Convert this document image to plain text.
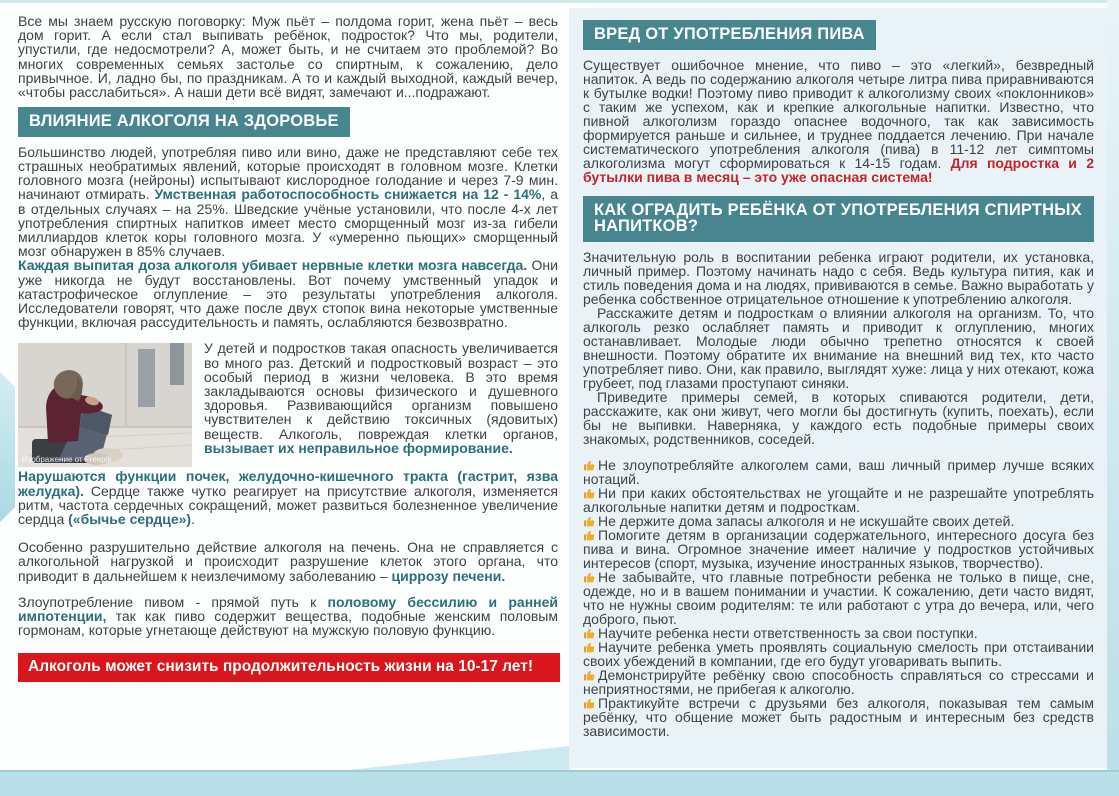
Все мы знаем русскую поговорку: Муж пьёт – полдома горит, жена пьёт – весь дом горит. А если стал выпивать ребёнок, подросток? Что мы, родители, упустили, где недосмотрели? А, может быть, и не считаем это проблемой? Во многих современных семьях застолье со спиртным, к сожалению, дело привычное. И, ладно бы, по праздникам. А то и каждый выходной, каждый вечер, «чтобы расслабиться». А наши дети всё видят, замечают и...подражают.

ВЛИЯНИЕ АЛКОГОЛЯ НА ЗДОРОВЬЕ

Большинство людей, употребляя пиво или вино, даже не представляют себе тех страшных необратимых явлений, которые происходят в головном мозге. Клетки головного мозга (нейроны) испытывают кислородное голодание и через 7-9 мин. начинают отмирать. Умственная работоспособность снижается на 12 - 14%, а в отдельных случаях – на 25%. Шведские учёные установили, что после 4-х лет употребления спиртных напитков имеет место сморщенный мозг из-за гибели миллиардов клеток коры головного мозга. У «умеренно пьющих» сморщенный мозг обнаружен в 85% случаев.

Каждая выпитая доза алкоголя убивает нервные клетки мозга навсегда. Они уже никогда не будут восстановлены. Вот почему умственный упадок и катастрофическое оглупление – это результаты употребления алкоголя. Исследователи говорят, что даже после двух стопок вина некоторые умственные функции, включая рассудительность и память, ослабляются безвозвратно.

Изображение от Freepik

У детей и подростков такая опасность увеличивается во много раз. Детский и подростковый возраст – это особый период в жизни человека. В это время закладываются основы физического и душевного здоровья. Развивающийся организм повышено чувствителен к действию токсичных (ядовитых) веществ. Алкоголь, повреждая клетки органов, вызывает их неправильное формирование.

Нарушаются функции почек, желудочно-кишечного тракта (гастрит, язва желудка). Сердце также чутко реагирует на присутствие алкоголя, изменяется ритм, частота сердечных сокращений, может развиться болезненное увеличение сердца («бычье сердце»).

Особенно разрушительно действие алкоголя на печень. Она не справляется с алкогольной нагрузкой и происходит разрушение клеток этого органа, что приводит в дальнейшем к неизлечимому заболеванию – циррозу печени.

Злоупотребление пивом - прямой путь к половому бессилию и ранней импотенции, так как пиво содержит вещества, подобные женским половым гормонам, которые угнетающе действуют на мужскую половую функцию.

Алкоголь может снизить продолжительность жизни на 10-17 лет!
ВРЕД ОТ УПОТРЕБЛЕНИЯ ПИВА

Существует ошибочное мнение, что пиво – это «легкий», безвредный напиток. А ведь по содержанию алкоголя четыре литра пива приравниваются к бутылке водки! Поэтому пиво приводит к алкоголизму своих «поклонников» с таким же успехом, как и крепкие алкогольные напитки. Известно, что пивной алкоголизм гораздо опаснее водочного, так как зависимость формируется раньше и сильнее, и труднее поддается лечению. При начале систематического употребления алкоголя (пива) в 11-12 лет симптомы алкоголизма могут сформироваться к 14-15 годам. Для подростка и 2 бутылки пива в месяц – это уже опасная система!

КАК ОГРАДИТЬ РЕБЁНКА ОТ УПОТРЕБЛЕНИЯ СПИРТНЫХ НАПИТКОВ?

Значительную роль в воспитании ребенка играют родители, их установка, личный пример. Поэтому начинать надо с себя. Ведь культура пития, как и стиль поведения дома и на людях, прививаются в семье. Важно выработать у ребенка собственное отрицательное отношение к употреблению алкоголя.

Расскажите детям и подросткам о влиянии алкоголя на организм. То, что алкоголь резко ослабляет память и приводит к оглуплению, многих останавливает. Молодые люди обычно трепетно относятся к своей внешности. Поэтому обратите их внимание на внешний вид тех, кто часто употребляет пиво. Они, как правило, выглядят хуже: лица у них отекают, кожа грубеет, под глазами проступают синяки.

Приведите примеры семей, в которых спиваются родители, дети, расскажите, как они живут, чего могли бы достигнуть (купить, поехать), если бы не выпивки. Наверняка, у каждого есть подобные примеры своих знакомых, родственников, соседей.

Не злоупотребляйте алкоголем сами, ваш личный пример лучше всяких нотаций.
Ни при каких обстоятельствах не угощайте и не разрешайте употреблять алкогольные напитки детям и подросткам.
Не держите дома запасы алкоголя и не искушайте своих детей.
Помогите детям в организации содержательного, интересного досуга без пива и вина. Огромное значение имеет наличие у подростков устойчивых интересов (спорт, музыка, изучение иностранных языков, творчество).
Не забывайте, что главные потребности ребенка не только в пище, сне, одежде, но и в вашем понимании и участии. К сожалению, дети часто видят, что не нужны своим родителям: те или работают с утра до вечера, или, чего доброго, пьют.
Научите ребенка нести ответственность за свои поступки.
Научите ребенка уметь проявлять социальную смелость при отстаивании своих убеждений в компании, где его будут уговаривать выпить.
Демонстрируйте ребёнку свою способность справляться со стрессами и неприятностями, не прибегая к алкоголю.
Практикуйте встречи с друзьями без алкоголя, показывая тем самым ребёнку, что общение может быть радостным и интересным без средств зависимости.
